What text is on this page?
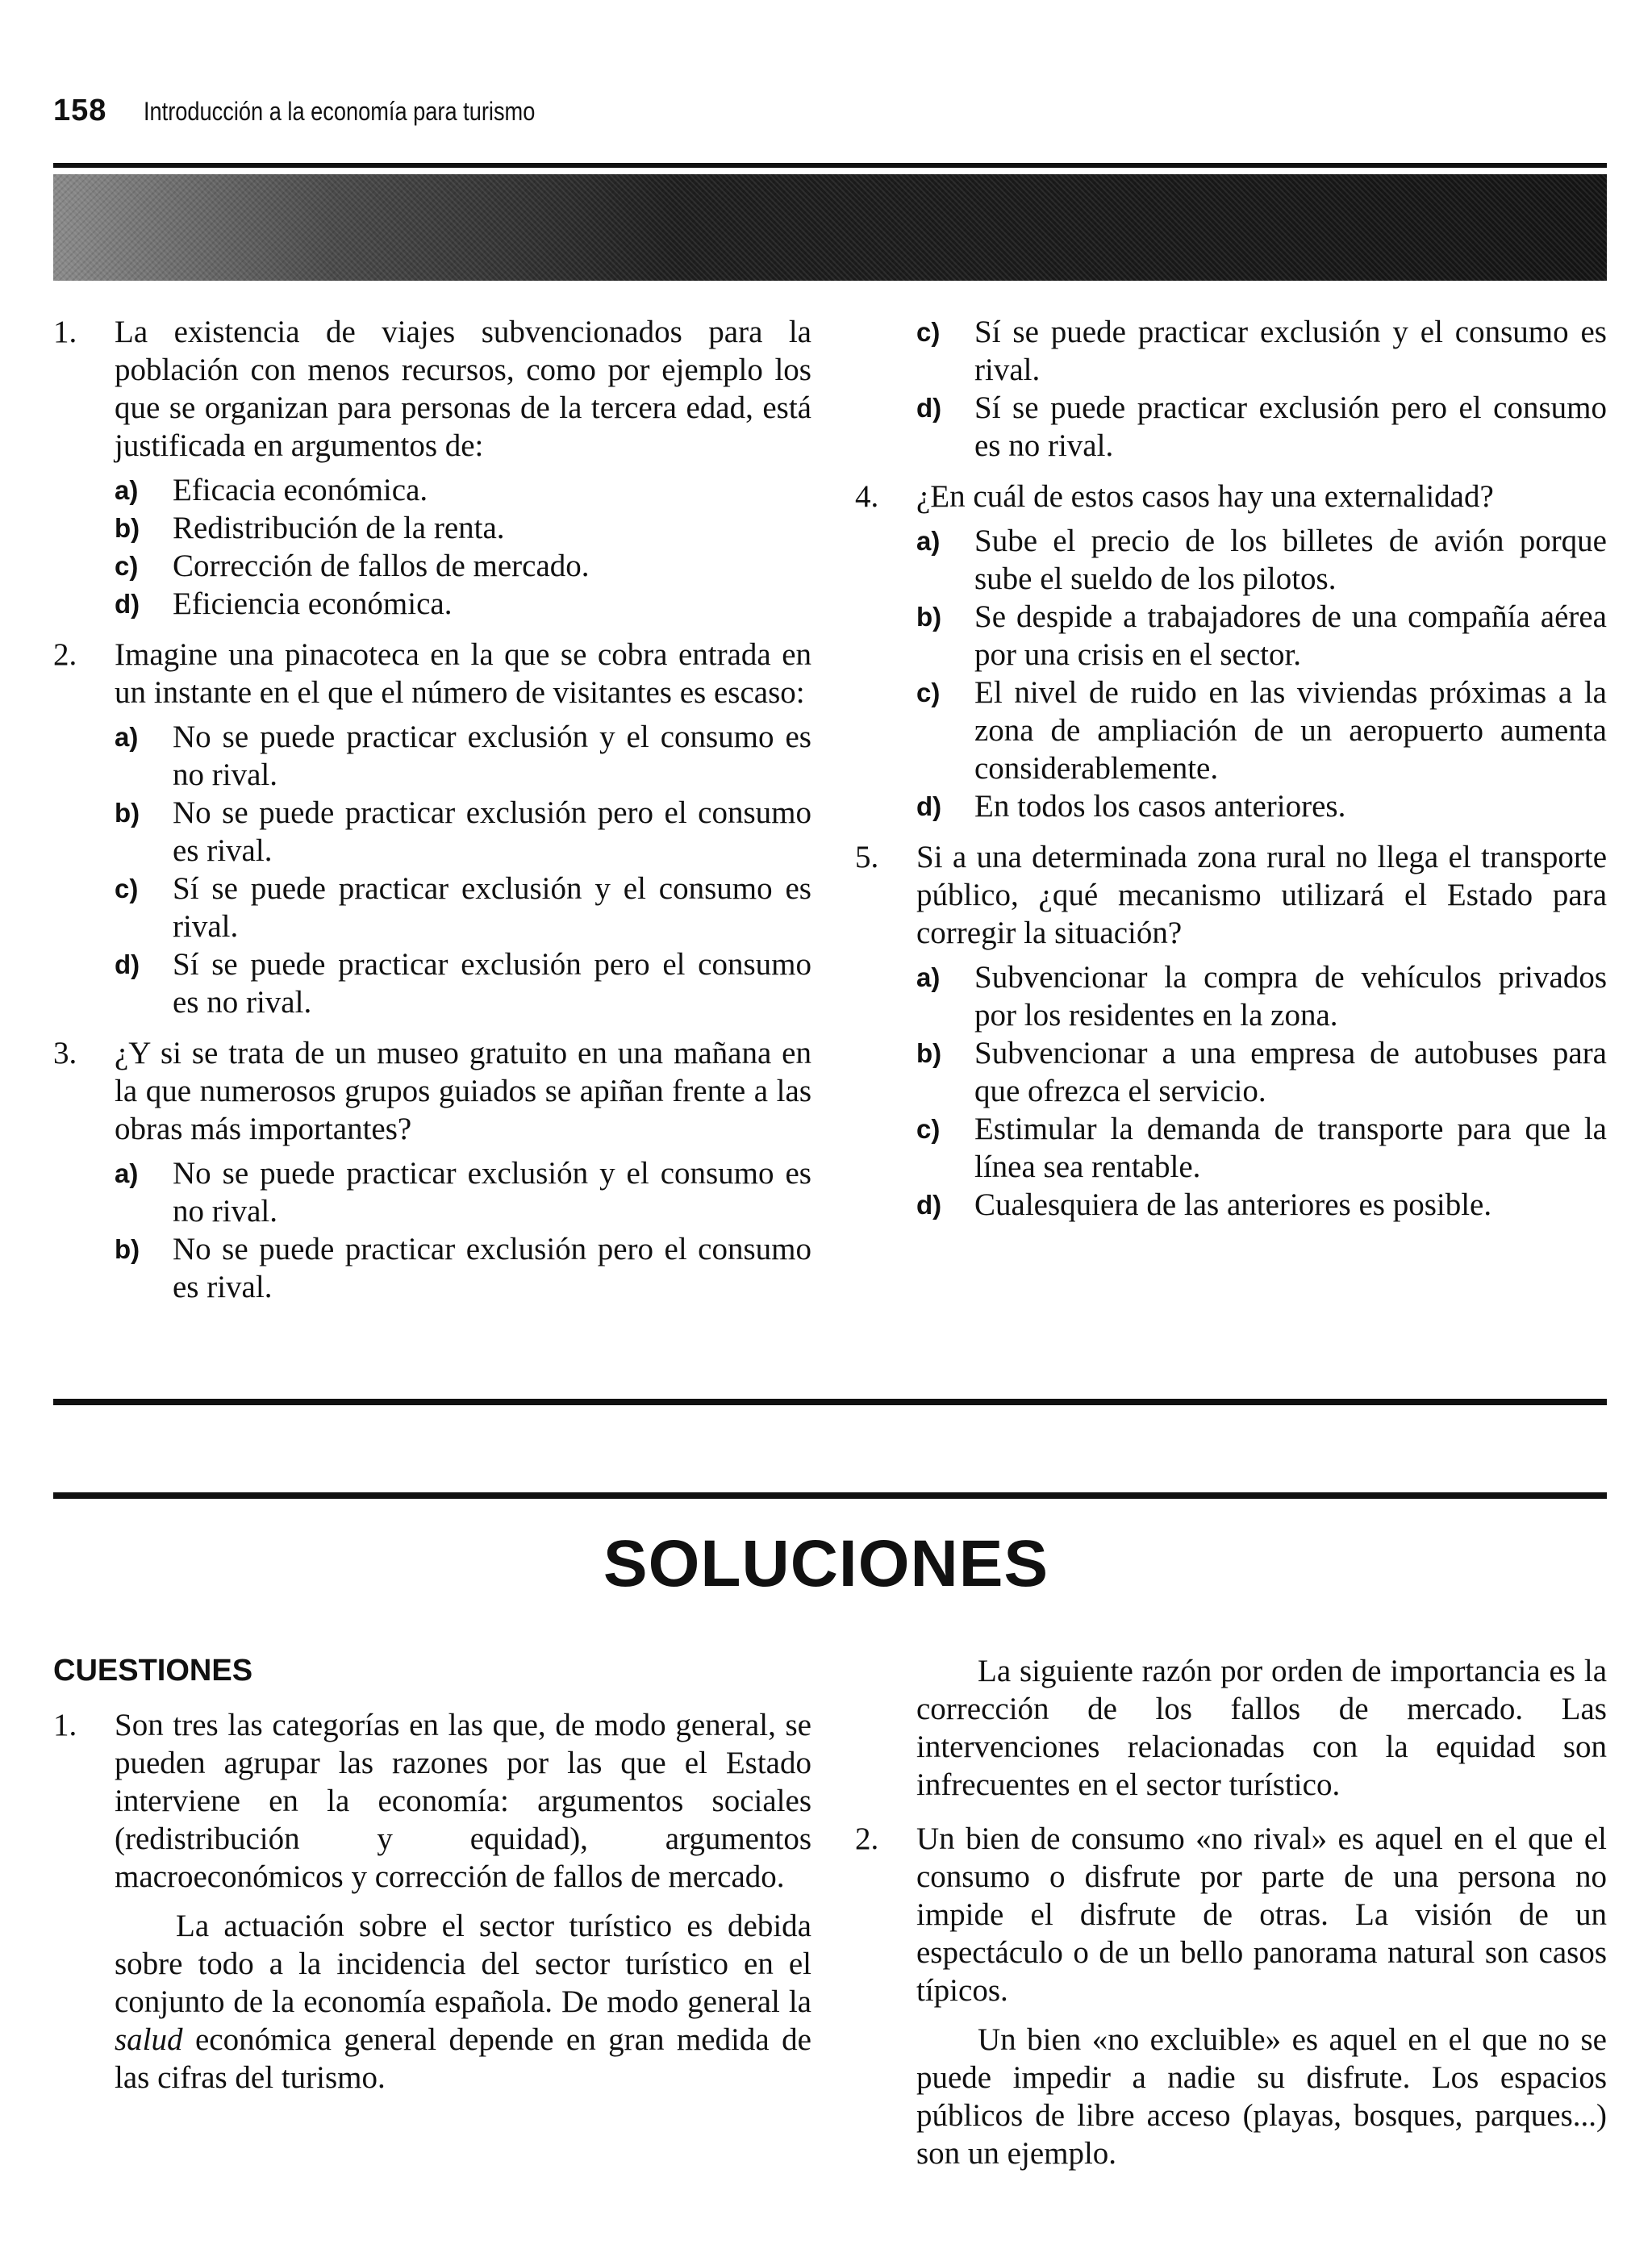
158 Introducción a la economía para turismo
1.	La existencia de viajes subvencionados para la población con menos recursos, como por ejemplo los que se organizan para personas de la tercera edad, está justificada en argumentos de:
a)	Eficacia económica.
b)	Redistribución de la renta.
c)	Corrección de fallos de mercado.
d)	Eficiencia económica.
2.	Imagine una pinacoteca en la que se cobra entrada en un instante en el que el número de visitantes es escaso:
a)	No se puede practicar exclusión y el consumo es no rival.
b)	No se puede practicar exclusión pero el consumo es rival.
c)	Sí se puede practicar exclusión y el consumo es rival.
d)	Sí se puede practicar exclusión pero el consumo es no rival.
3.	¿Y si se trata de un museo gratuito en una mañana en la que numerosos grupos guiados se apiñan frente a las obras más importantes?
a)	No se puede practicar exclusión y el consumo es no rival.
b)	No se puede practicar exclusión pero el consumo es rival.
c)	Sí se puede practicar exclusión y el consumo es rival.
d)	Sí se puede practicar exclusión pero el consumo es no rival.
4.	¿En cuál de estos casos hay una externalidad?
a)	Sube el precio de los billetes de avión porque sube el sueldo de los pilotos.
b)	Se despide a trabajadores de una compañía aérea por una crisis en el sector.
c)	El nivel de ruido en las viviendas próximas a la zona de ampliación de un aeropuerto aumenta considerablemente.
d)	En todos los casos anteriores.
5.	Si a una determinada zona rural no llega el transporte público, ¿qué mecanismo utilizará el Estado para corregir la situación?
a)	Subvencionar la compra de vehículos privados por los residentes en la zona.
b)	Subvencionar a una empresa de autobuses para que ofrezca el servicio.
c)	Estimular la demanda de transporte para que la línea sea rentable.
d)	Cualesquiera de las anteriores es posible.
SOLUCIONES
CUESTIONES
1.	Son tres las categorías en las que, de modo general, se pueden agrupar las razones por las que el Estado interviene en la economía: argumentos sociales (redistribución y equidad), argumentos macroeconómicos y corrección de fallos de mercado.

La actuación sobre el sector turístico es debida sobre todo a la incidencia del sector turístico en el conjunto de la economía española. De modo general la salud económica general depende en gran medida de las cifras del turismo.

La siguiente razón por orden de importancia es la corrección de los fallos de mercado. Las intervenciones relacionadas con la equidad son infrecuentes en el sector turístico.

2.	Un bien de consumo «no rival» es aquel en el que el consumo o disfrute por parte de una persona no impide el disfrute de otras. La visión de un espectáculo o de un bello panorama natural son casos típicos.

Un bien «no excluible» es aquel en el que no se puede impedir a nadie su disfrute. Los espacios públicos de libre acceso (playas, bosques, parques...) son un ejemplo.
